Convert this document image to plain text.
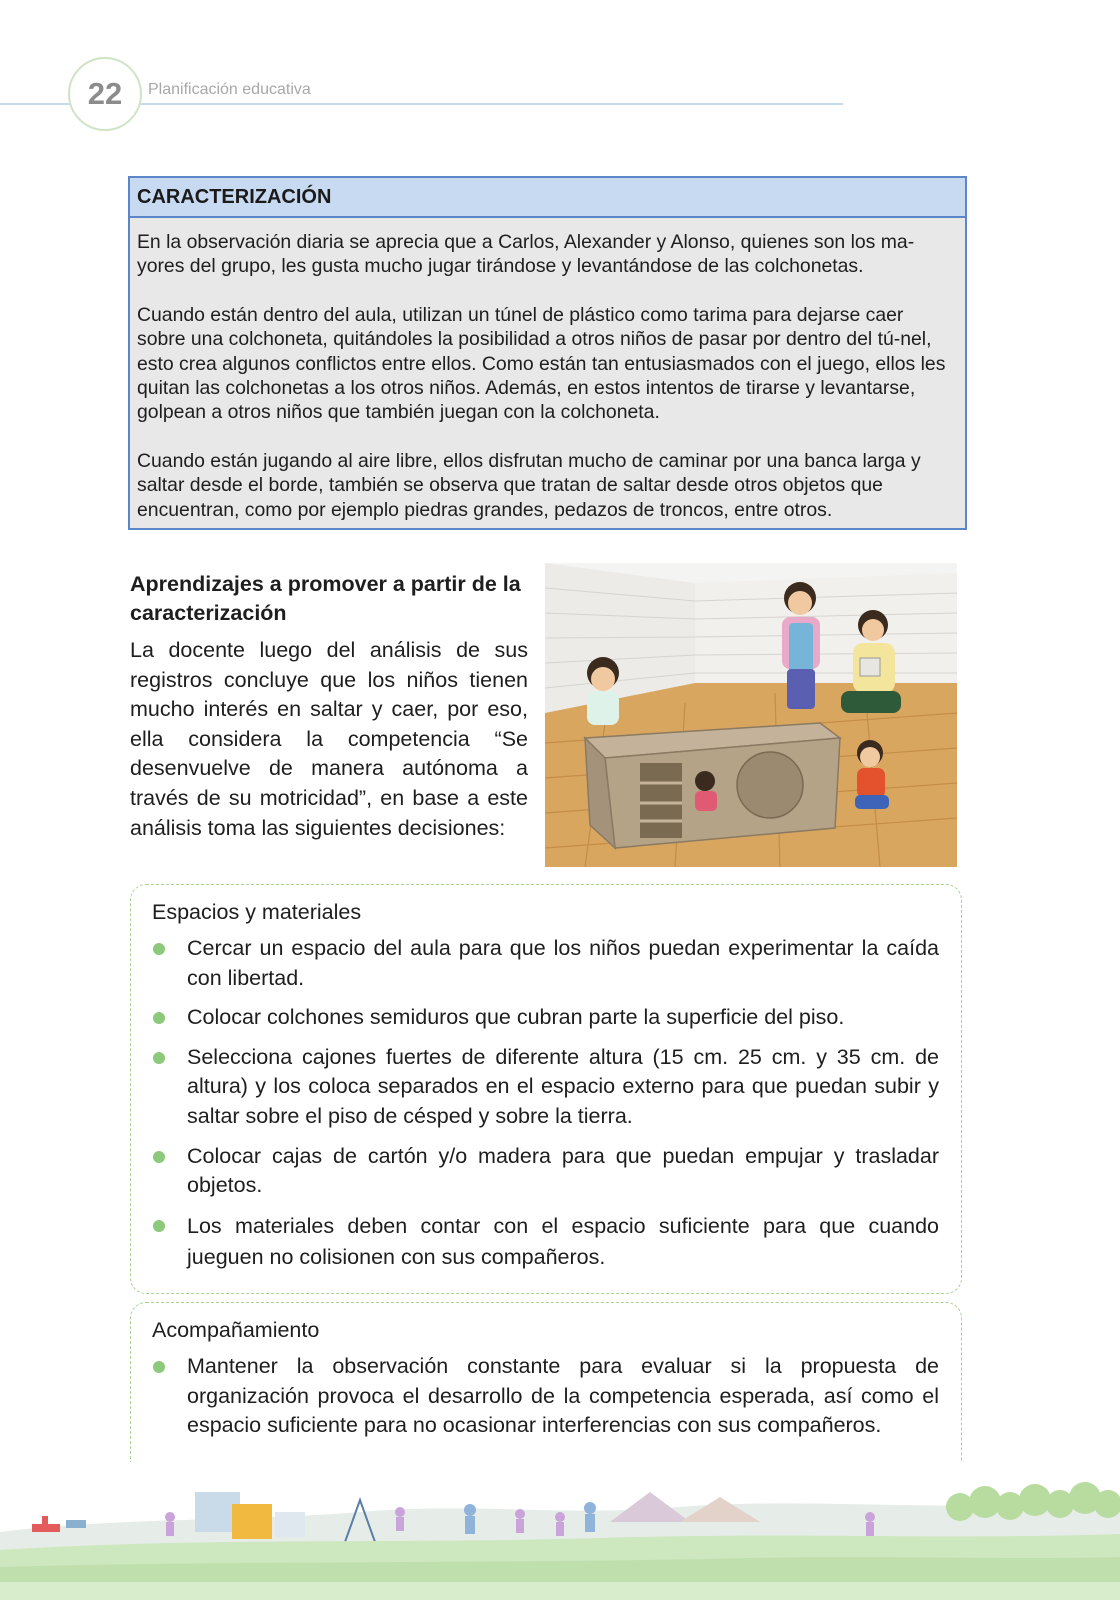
22	Planificación educativa
CARACTERIZACIÓN

En la observación diaria se aprecia que a Carlos, Alexander y Alonso, quienes son los ma-yores del grupo, les gusta mucho jugar tirándose y levantándose de las colchonetas.

Cuando están dentro del aula, utilizan un túnel de plástico como tarima para dejarse caer sobre una colchoneta, quitándoles la posibilidad a otros niños de pasar por dentro del tú-nel, esto crea algunos conflictos entre ellos. Como están tan entusiasmados con el juego, ellos les quitan las colchonetas a los otros niños. Además, en estos intentos de tirarse y levantarse, golpean a otros niños que también juegan con la colchoneta.

Cuando están jugando al aire libre, ellos disfrutan mucho de caminar por una banca larga y saltar desde el borde, también se observa que tratan de saltar desde otros objetos que encuentran, como por ejemplo piedras grandes, pedazos de troncos, entre otros.

Aprendizajes a promover a partir de la caracterización

La docente luego del análisis de sus registros concluye que los niños tienen mucho interés en saltar y caer, por eso, ella considera la competencia “Se desenvuelve de manera autónoma a través de su motricidad”, en base a este análisis toma las siguientes decisiones:

Espacios y materiales
Cercar un espacio del aula para que los niños puedan experimentar la caída con libertad.
Colocar colchones semiduros que cubran parte la superficie del piso.
Selecciona cajones fuertes de diferente altura (15 cm. 25 cm. y 35 cm. de altura) y los coloca separados en el espacio externo para que puedan subir y saltar sobre el piso de césped y sobre la tierra.
Colocar cajas de cartón y/o madera para que puedan empujar y trasladar objetos.
Los materiales deben contar con el espacio suficiente para que cuando jueguen no colisionen con sus compañeros.
Acompañamiento
Mantener la observación constante para evaluar si la propuesta de organización provoca el desarrollo de la competencia esperada, así como el espacio suficiente para no ocasionar interferencias con sus compañeros.
